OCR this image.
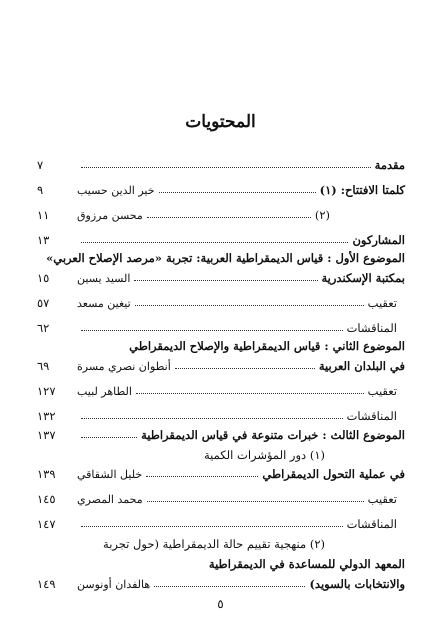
المحتويات
مقدمة
٧
كلمتا الافتتاح: (١)
خير الدين حسيب
٩
(٢)
محسن مرزوق
١١
المشاركون
١٣
الموضوع الأول : قياس الديمقراطية العربية: تجربة «مرصد الإصلاح العربي»
بمكتبة الإسكندرية
السيد يسين
١٥
تعقيب
تيغين مسعد
٥٧
المناقشات
٦٢
الموضوع الثاني : قياس الديمقراطية والإصلاح الديمقراطي
في البلدان العربية
أنطوان نصري مسرة
٦٩
تعقيب
الطاهر لبيب
١٢٧
المناقشات
١٣٢
الموضوع الثالث : خبرات متنوعة في قياس الديمقراطية
١٣٧
(١) دور المؤشرات الكمية
في عملية التحول الديمقراطي
خليل الشقاقي
١٣٩
تعقيب
محمد المصري
١٤٥
المناقشات
١٤٧
(٢) منهجية تقييم حالة الديمقراطية (حول تجربة
المعهد الدولي للمساعدة في الديمقراطية
والانتخابات بالسويد)
هالفدان أونوسن
١٤٩
٥
